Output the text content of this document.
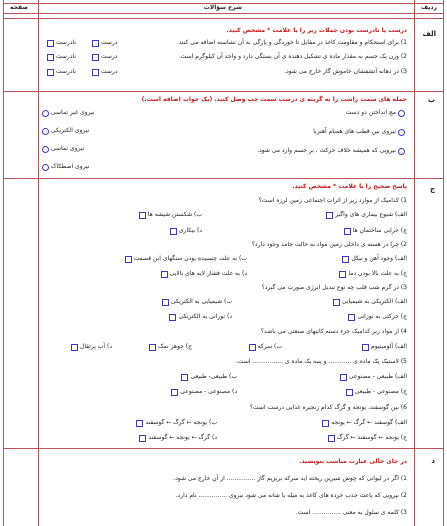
ردیف
شرح سؤالات
صفحه
الف
درست یا نادرست بودن جملات زیر را با علامت * مشخص کنید.
1) برای استحکام و مقاومت کاغذ در مقابل تا خوردگی و پارگی به آن نشاسته اضافه می کنند.
درست
نادرست
2) وزن یک جسم به مقدار ماده ی تشکیل دهنده ی آن بستگی دارد و واحد آن کیلوگرم است.
درست
نادرست
3) در دهانه آتشفشان خاموش گاز خارج می شود.
درست
نادرست
ب
جمله های سمت راست را به گزینه ی درست سمت چپ وصل کنید. (یک جواب اضافه است.)
مچ انداختن دو دست
نیروی بین قطب های همنام آهنربا
نیرویی که همیشه خلاف حرکت ، بر جسم وارد می شود.
نیروی غیر تماسی
نیروی الکتریکی
نیروی تماسی
نیروی اصطکاک
ج
پاسخ صحیح را با علامت * مشخص کنید.
1) کدامیک از موارد زیر از اثرات اجتماعی زمین لرزه است؟
الف) شیوع بیماری های واگیر
ب) شکستن شیشه ها
ج) خرابی ساختمان ها
د) بیکاری
2) چرا در هسته ی داخلی زمین مواد به حالت جامد وجود دارد؟
الف) وجود آهن و نیکل
ب) به علت چسبیده بودن سنگهای این قسمت
ج) به علت بالا بودن دما
د) به علت فشار لایه های بالایی
3) در گرم شب قلب چه نوع تبدیل انرژی صورت می گیرد؟
الف) الکتریکی به شیمیایی
ب) شیمیایی به الکتریکی
ج) حرکتی به نورانی
د) نورانی به الکتریکی
4) از مواد زیر کدامیک جزء دسته کانیهای صنعتی می باشد؟
الف) آلومینیوم
ب) سرکه
ج) جوهر نمک
د) آب پرتقال
5) لاستیک یک ماده ی ............ و پنبه یک ماده ی ................ است.
الف) طبیعی - مصنوعی
ب) طبیعی- طبیعی
ج) مصنوعی - طبیعی
د) مصنوعی - مصنوعی
6) بین گوسفند، یونجه و گرگ کدام زنجیره غذایی درست است؟
الف) گوسفند ← گرگ ← یونجه
ب) یونجه ← گرگ ← گوسفند
ج) یونجه ← گوسفند ← گرگ
د) گرگ ← یونجه ← گوسفند
د
در جای خالی عبارت مناسب بنویسید.
1) اگر در لیوانی که چوش شیرین ریخته اید سرکه بریزیم گاز ............... از آن خارج می شود.
2) نیرویی که باعث جذب خرده های کاغذ به میله یا شانه می شود نیروی ............... نام دارد.
3) کلمه ی سلول به معنی ............... است.
